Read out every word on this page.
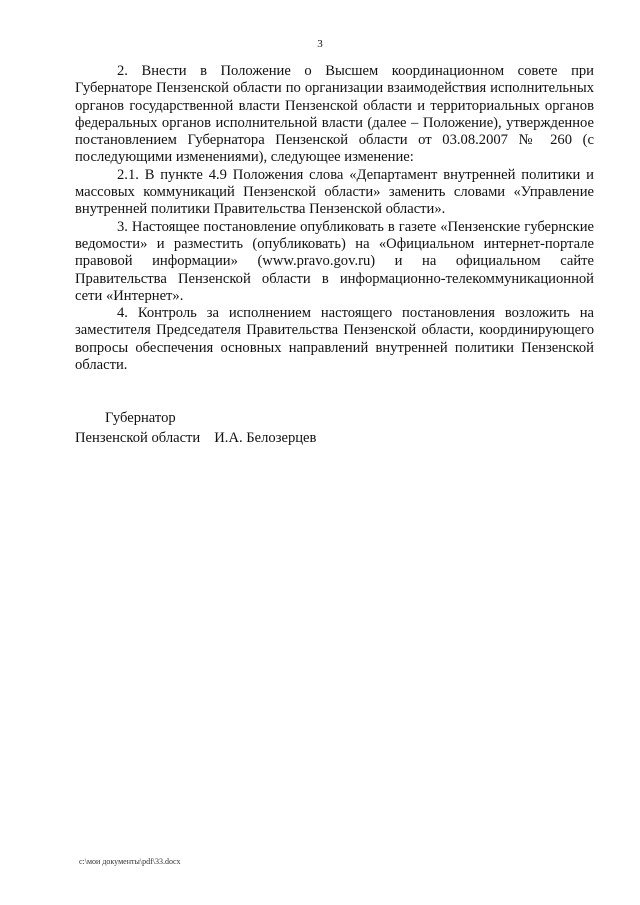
3

2. Внести в Положение о Высшем координационном совете при Губернаторе Пензенской области по организации взаимодействия исполнительных органов государственной власти Пензенской области и территориальных органов федеральных органов исполнительной власти (далее – Положение), утвержденное постановлением Губернатора Пензенской области от 03.08.2007 № 260 (с последующими изменениями), следующее изменение:

2.1. В пункте 4.9 Положения слова «Департамент внутренней политики и массовых коммуникаций Пензенской области» заменить словами «Управление внутренней политики Правительства Пензенской области».

3. Настоящее постановление опубликовать в газете «Пензенские губернские ведомости» и разместить (опубликовать) на «Официальном интернет-портале правовой информации» (www.pravo.gov.ru) и на официальном сайте Правительства Пензенской области в информационно-телекоммуникационной сети «Интернет».

4. Контроль за исполнением настоящего постановления возложить на заместителя Председателя Правительства Пензенской области, координирующего вопросы обеспечения основных направлений внутренней политики Пензенской области.

Губернатор
Пензенской области И.А. Белозерцев
c:\мои документы\pdf\33.docx
